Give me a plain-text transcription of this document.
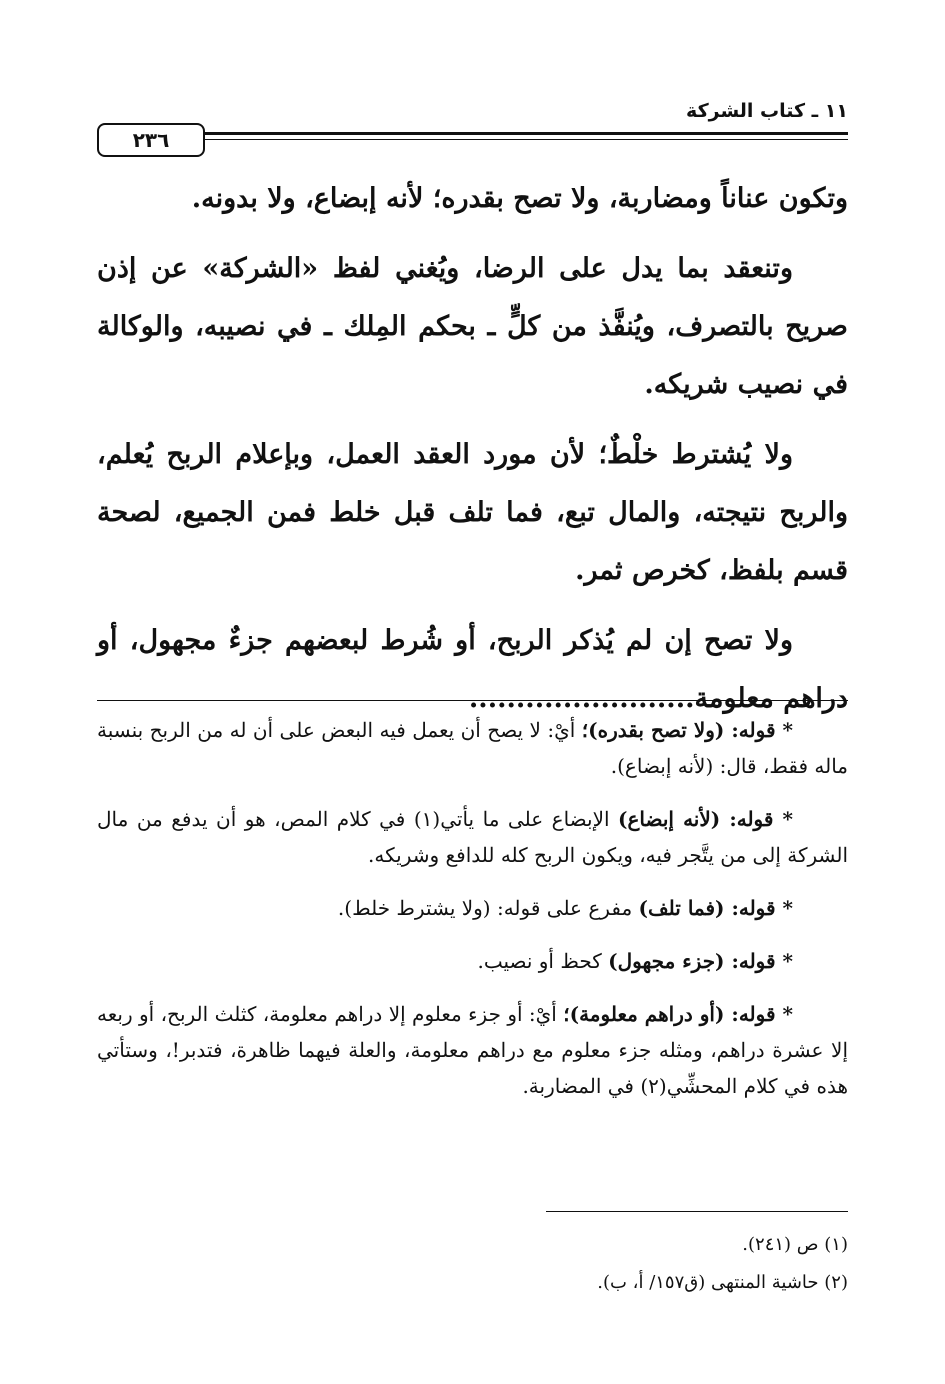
١١ ـ كتاب الشركة
٢٣٦

وتكون عناناً ومضاربة، ولا تصح بقدره؛ لأنه إبضاع، ولا بدونه.

وتنعقد بما يدل على الرضا، ويُغني لفظ «الشركة» عن إذن صريح بالتصرف، ويُنفَّذ من كلٍّ ـ بحكم المِلك ـ في نصيبه، والوكالة في نصيب شريكه.

ولا يُشترط خلْطٌ؛ لأن مورد العقد العمل، وبإعلام الربح يُعلم، والربح نتيجته، والمال تبع، فما تلف قبل خلط فمن الجميع، لصحة قسم بلفظ، كخرص ثمر.

ولا تصح إن لم يُذكر الربح، أو شُرط لبعضهم جزءٌ مجهول، أو دراهم معلومة........................

* قوله: (ولا تصح بقدره)؛ أيْ: لا يصح أن يعمل فيه البعض على أن له من الربح بنسبة ماله فقط، قال: (لأنه إبضاع).

* قوله: (لأنه إبضاع) الإبضاع على ما يأتي(١) في كلام المص، هو أن يدفع من مال الشركة إلى من يتَّجر فيه، ويكون الربح كله للدافع وشريكه.

* قوله: (فما تلف) مفرع على قوله: (ولا يشترط خلط).

* قوله: (جزء مجهول) كحظ أو نصيب.

* قوله: (أو دراهم معلومة)؛ أيْ: أو جزء معلوم إلا دراهم معلومة، كثلث الربح، أو ربعه إلا عشرة دراهم، ومثله جزء معلوم مع دراهم معلومة، والعلة فيهما ظاهرة، فتدبر!، وستأتي هذه في كلام المحشِّي(٢) في المضاربة.

(١) ص (٢٤١).
(٢) حاشية المنتهى (ق١٥٧/ أ، ب).
